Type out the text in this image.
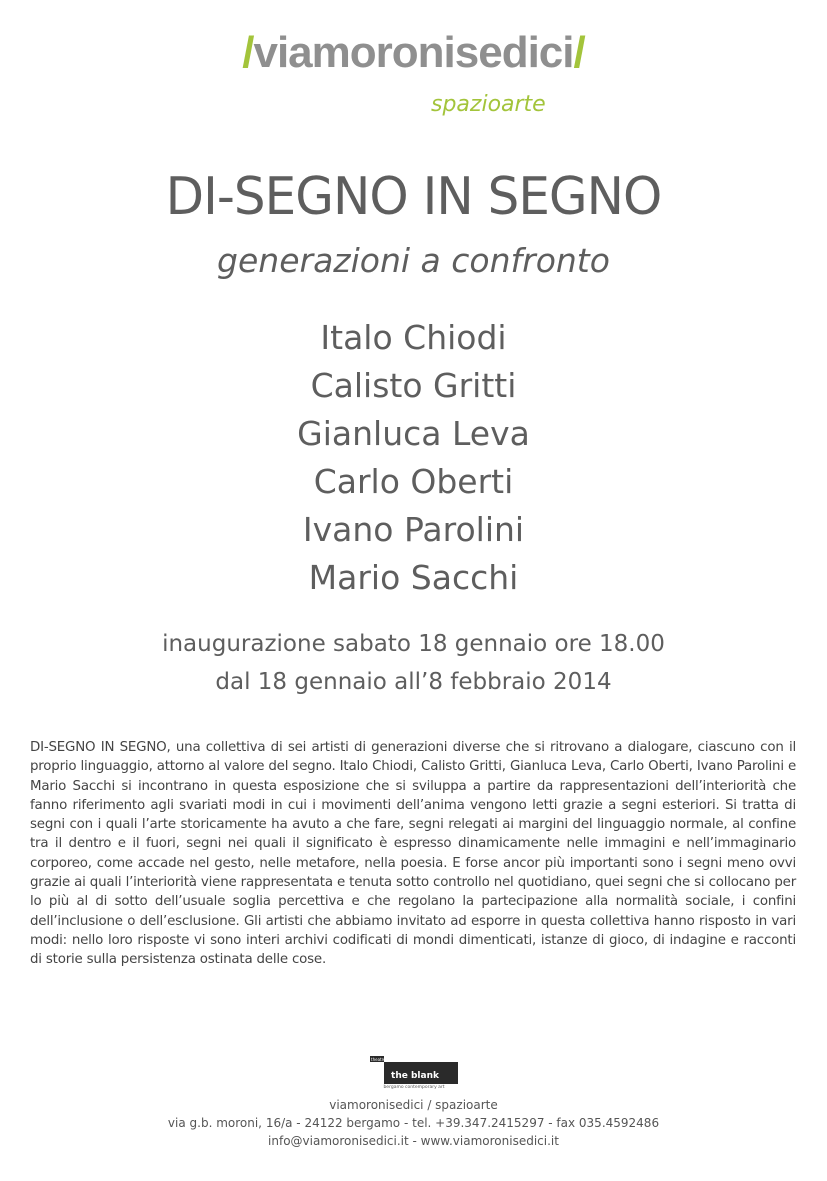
/viamoronisedici/
spazioarte
DI-SEGNO IN SEGNO
generazioni a confronto
Italo Chiodi
Calisto Gritti
Gianluca Leva
Carlo Oberti
Ivano Parolini
Mario Sacchi
inaugurazione sabato 18 gennaio ore 18.00
dal 18 gennaio all’8 febbraio 2014
DI-SEGNO IN SEGNO, una collettiva di sei artisti di generazioni diverse che si ritrovano a dialogare, ciascuno con il proprio linguaggio, attorno al valore del segno. Italo Chiodi, Calisto Gritti, Gianluca Leva, Carlo Oberti, Ivano Parolini e Mario Sacchi si incontrano in questa esposizione che si sviluppa a partire da rappresentazioni dell’interiorità che fanno riferimento agli svariati modi in cui i movimenti dell’anima vengono letti grazie a segni esteriori. Si tratta di segni con i quali l’arte storicamente ha avuto a che fare, segni relegati ai margini del linguaggio normale, al confine tra il dentro e il fuori, segni nei quali il significato è espresso dinamicamente nelle immagini e nell’immaginario corporeo, come accade nel gesto, nelle metafore, nella poesia. E forse ancor più importanti sono i segni meno ovvi grazie ai quali l’interiorità viene rappresentata e tenuta sotto controllo nel quotidiano, quei segni che si collocano per lo più al di sotto dell’usuale soglia percettiva e che regolano la partecipazione alla normalità sociale, i confini dell’inclusione o dell’esclusione. Gli artisti che abbiamo invitato ad esporre in questa collettiva hanno risposto in vari modi: nello loro risposte vi sono interi archivi codificati di mondi dimenticati, istanze di gioco, di indagine e racconti di storie sulla persistenza ostinata delle cose.
theatre di
the blank
bergamo contemporary art
viamoronisedici / spazioarte
via g.b. moroni, 16/a - 24122 bergamo - tel. +39.347.2415297 - fax 035.4592486
info@viamoronisedici.it - www.viamoronisedici.it
